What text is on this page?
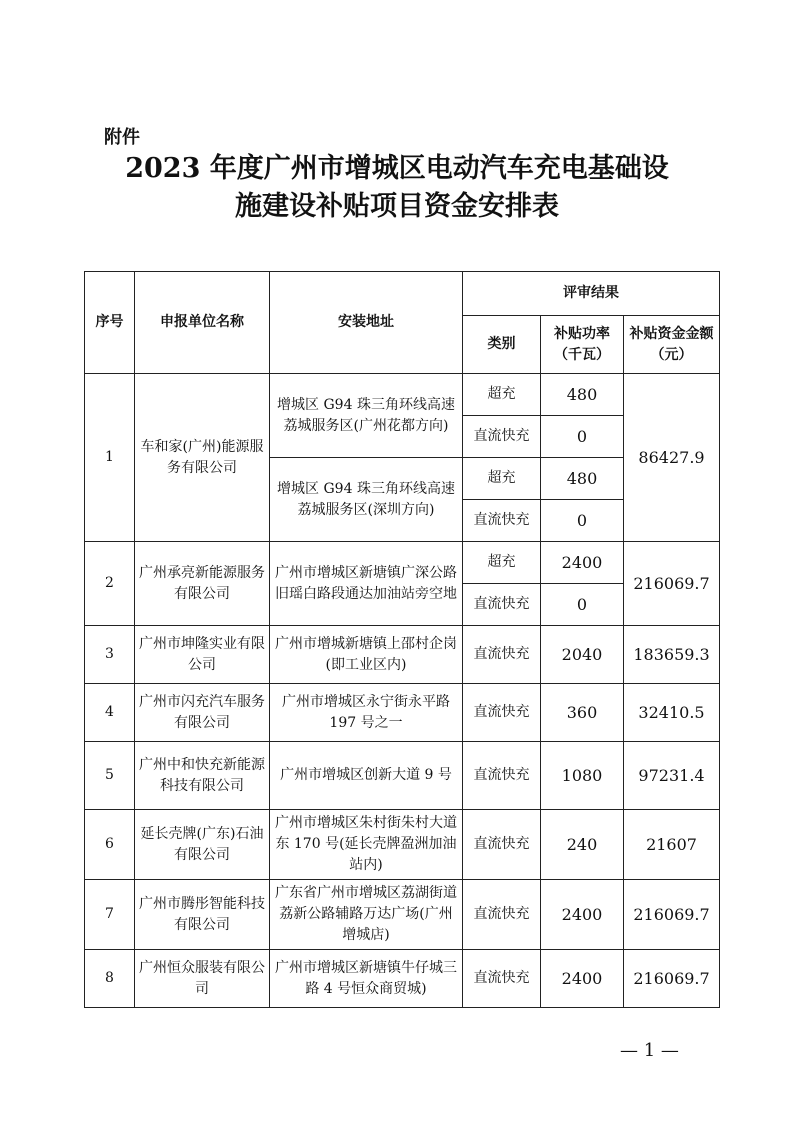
附件

2023 年度广州市增城区电动汽车充电基础设
施建设补贴项目资金安排表
序号	申报单位名称	安装地址	评审结果		
			类别	补贴功率（千瓦）	补贴资金金额（元）
1	车和家(广州)能源服务有限公司	增城区 G94 珠三角环线高速荔城服务区(广州花都方向)	超充	480	86427.9
			直流快充	0	
		增城区 G94 珠三角环线高速荔城服务区(深圳方向)	超充	480	
			直流快充	0	
2	广州承亮新能源服务有限公司	广州市增城区新塘镇广深公路旧瑶白路段通达加油站旁空地	超充	2400	216069.7
			直流快充	0	
3	广州市坤隆实业有限公司	广州市增城新塘镇上邵村企岗(即工业区内)	直流快充	2040	183659.3
4	广州市闪充汽车服务有限公司	广州市增城区永宁街永平路 197 号之一	直流快充	360	32410.5
5	广州中和快充新能源科技有限公司	广州市增城区创新大道 9 号	直流快充	1080	97231.4
6	延长壳牌(广东)石油有限公司	广州市增城区朱村街朱村大道东 170 号(延长壳牌盈洲加油站内)	直流快充	240	21607
7	广州市腾彤智能科技有限公司	广东省广州市增城区荔湖街道荔新公路辅路万达广场(广州增城店)	直流快充	2400	216069.7
8	广州恒众服装有限公司	广州市增城区新塘镇牛仔城三路 4 号恒众商贸城)	直流快充	2400	216069.7

— 1 —
